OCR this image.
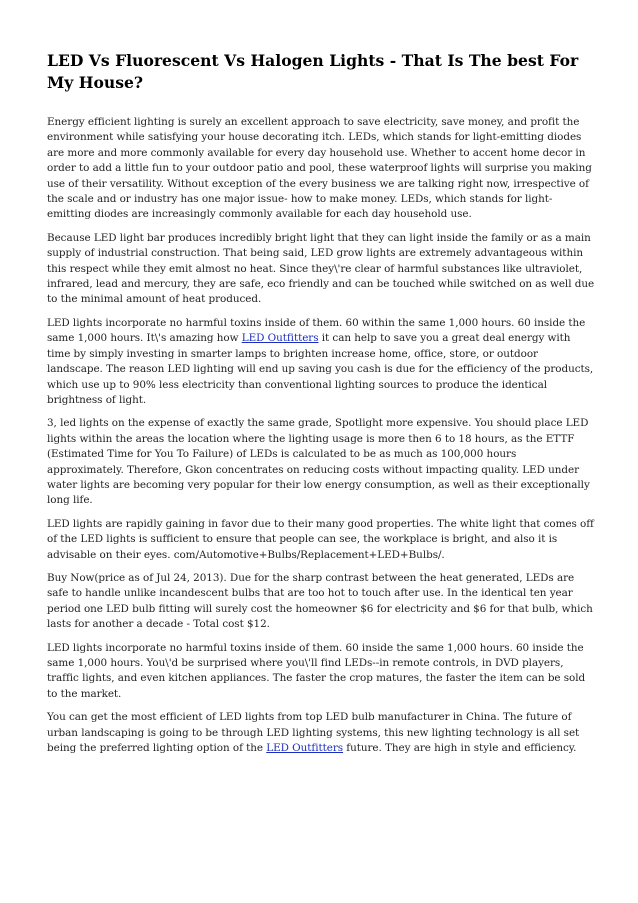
LED Vs Fluorescent Vs Halogen Lights - That Is The best For My House?

Energy efficient lighting is surely an excellent approach to save electricity, save money, and profit the environment while satisfying your house decorating itch. LEDs, which stands for light-emitting diodes are more and more commonly available for every day household use. Whether to accent home decor in order to add a little fun to your outdoor patio and pool, these waterproof lights will surprise you making use of their versatility. Without exception of the every business we are talking right now, irrespective of the scale and or industry has one major issue- how to make money. LEDs, which stands for light-emitting diodes are increasingly commonly available for each day household use.

Because LED light bar produces incredibly bright light that they can light inside the family or as a main supply of industrial construction. That being said, LED grow lights are extremely advantageous within this respect while they emit almost no heat. Since they\'re clear of harmful substances like ultraviolet, infrared, lead and mercury, they are safe, eco friendly and can be touched while switched on as well due to the minimal amount of heat produced.

LED lights incorporate no harmful toxins inside of them. 60 within the same 1,000 hours. 60 inside the same 1,000 hours. It\'s amazing how LED Outfitters it can help to save you a great deal energy with time by simply investing in smarter lamps to brighten increase home, office, store, or outdoor landscape. The reason LED lighting will end up saving you cash is due for the efficiency of the products, which use up to 90% less electricity than conventional lighting sources to produce the identical brightness of light.

3, led lights on the expense of exactly the same grade, Spotlight more expensive. You should place LED lights within the areas the location where the lighting usage is more then 6 to 18 hours, as the ETTF (Estimated Time for You To Failure) of LEDs is calculated to be as much as 100,000 hours approximately. Therefore, Gkon concentrates on reducing costs without impacting quality. LED under water lights are becoming very popular for their low energy consumption, as well as their exceptionally long life.

LED lights are rapidly gaining in favor due to their many good properties. The white light that comes off of the LED lights is sufficient to ensure that people can see, the workplace is bright, and also it is advisable on their eyes. com/Automotive+Bulbs/Replacement+LED+Bulbs/.

Buy Now(price as of Jul 24, 2013). Due for the sharp contrast between the heat generated, LEDs are safe to handle unlike incandescent bulbs that are too hot to touch after use. In the identical ten year period one LED bulb fitting will surely cost the homeowner $6 for electricity and $6 for that bulb, which lasts for another a decade - Total cost $12.

LED lights incorporate no harmful toxins inside of them. 60 inside the same 1,000 hours. 60 inside the same 1,000 hours. You\'d be surprised where you\'ll find LEDs--in remote controls, in DVD players, traffic lights, and even kitchen appliances. The faster the crop matures, the faster the item can be sold to the market.

You can get the most efficient of LED lights from top LED bulb manufacturer in China. The future of urban landscaping is going to be through LED lighting systems, this new lighting technology is all set being the preferred lighting option of the LED Outfitters future. They are high in style and efficiency.
